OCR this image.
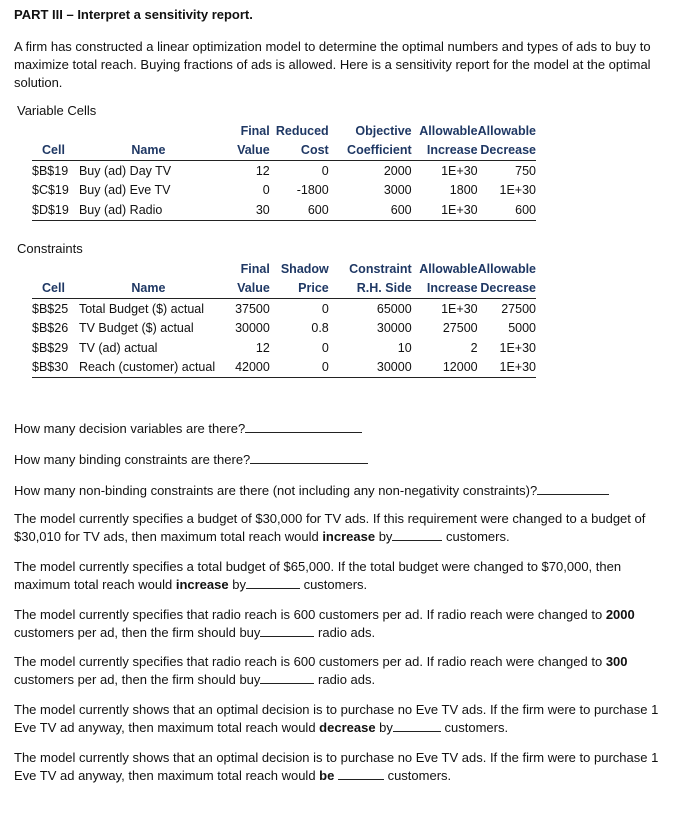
PART III – Interpret a sensitivity report.
A firm has constructed a linear optimization model to determine the optimal numbers and types of ads to buy to maximize total reach. Buying fractions of ads is allowed. Here is a sensitivity report for the model at the optimal solution.
Variable Cells
		Final	Reduced	Objective	Allowable	Allowable
Cell	Name	Value	Cost	Coefficient	Increase	Decrease
$B$19	Buy (ad) Day TV	12	0	2000	1E+30	750
$C$19	Buy (ad) Eve TV	0	-1800	3000	1800	1E+30
$D$19	Buy (ad) Radio	30	600	600	1E+30	600
Constraints
		Final	Shadow	Constraint	Allowable	Allowable
Cell	Name	Value	Price	R.H. Side	Increase	Decrease
$B$25	Total Budget ($) actual	37500	0	65000	1E+30	27500
$B$26	TV Budget ($) actual	30000	0.8	30000	27500	5000
$B$29	TV (ad) actual	12	0	10	2	1E+30
$B$30	Reach (customer) actual	42000	0	30000	12000	1E+30
How many decision variables are there?
How many binding constraints are there?
How many non-binding constraints are there (not including any non-negativity constraints)?
The model currently specifies a budget of $30,000 for TV ads. If this requirement were changed to a budget of $30,010 for TV ads, then maximum total reach would increase by	customers.
The model currently specifies a total budget of $65,000. If the total budget were changed to $70,000, then maximum total reach would increase by	customers.
The model currently specifies that radio reach is 600 customers per ad. If radio reach were changed to 2000 customers per ad, then the firm should buy	radio ads.
The model currently specifies that radio reach is 600 customers per ad. If radio reach were changed to 300 customers per ad, then the firm should buy	radio ads.
The model currently shows that an optimal decision is to purchase no Eve TV ads. If the firm were to purchase 1 Eve TV ad anyway, then maximum total reach would decrease by	customers.
The model currently shows that an optimal decision is to purchase no Eve TV ads. If the firm were to purchase 1 Eve TV ad anyway, then maximum total reach would be	customers.
